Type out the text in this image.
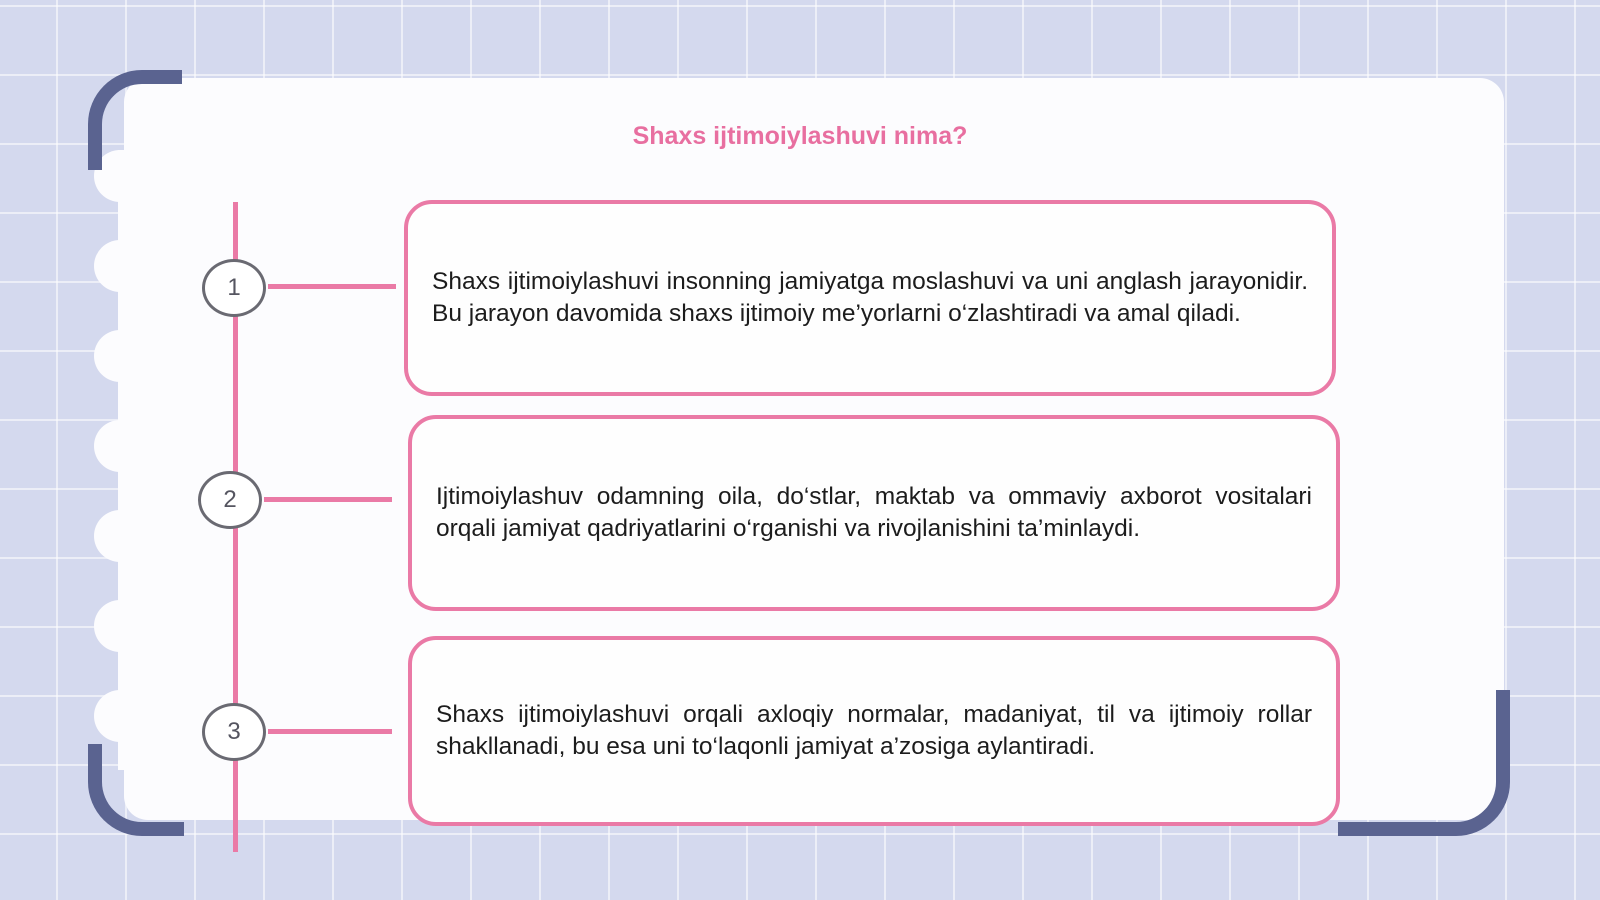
Shaxs ijtimoiylashuvi nima?
1
2
3

Shaxs ijtimoiylashuvi insonning jamiyatga moslashuvi va uni anglash jarayonidir. Bu jarayon davomida shaxs ijtimoiy me’yorlarni o‘zlashtiradi va amal qiladi.

Ijtimoiylashuv odamning oila, do‘stlar, maktab va ommaviy axborot vositalari orqali jamiyat qadriyatlarini o‘rganishi va rivojlanishini ta’minlaydi.

Shaxs ijtimoiylashuvi orqali axloqiy normalar, madaniyat, til va ijtimoiy rollar shakllanadi, bu esa uni to‘laqonli jamiyat a’zosiga aylantiradi.
